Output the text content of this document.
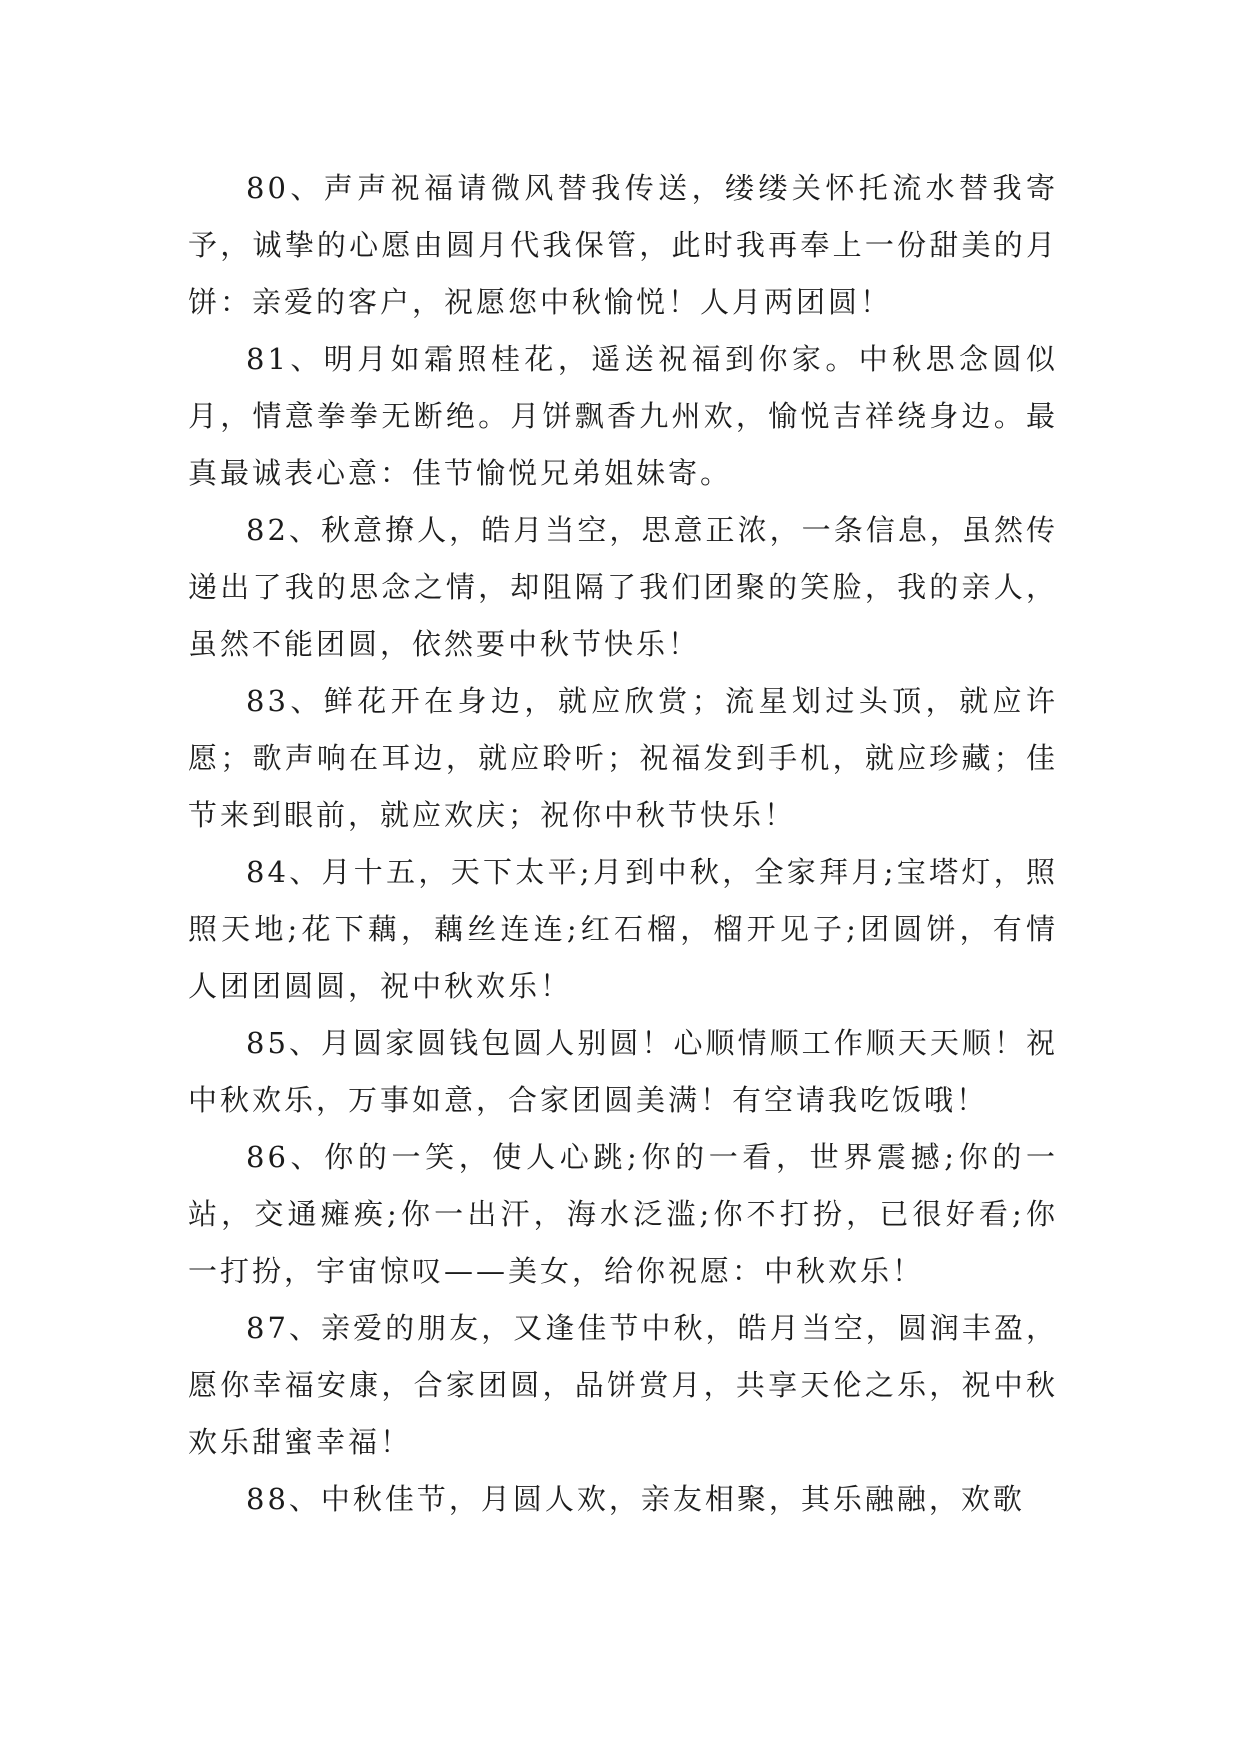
80、声声祝福请微风替我传送，缕缕关怀托流水替我寄予，诚挚的心愿由圆月代我保管，此时我再奉上一份甜美的月饼：亲爱的客户，祝愿您中秋愉悦！人月两团圆！

81、明月如霜照桂花，遥送祝福到你家。中秋思念圆似月，情意拳拳无断绝。月饼飘香九州欢，愉悦吉祥绕身边。最真最诚表心意：佳节愉悦兄弟姐妹寄。

82、秋意撩人，皓月当空，思意正浓，一条信息，虽然传递出了我的思念之情，却阻隔了我们团聚的笑脸，我的亲人，虽然不能团圆，依然要中秋节快乐！

83、鲜花开在身边，就应欣赏；流星划过头顶，就应许愿；歌声响在耳边，就应聆听；祝福发到手机，就应珍藏；佳节来到眼前，就应欢庆；祝你中秋节快乐！

84、月十五，天下太平;月到中秋，全家拜月;宝塔灯，照照天地;花下藕，藕丝连连;红石榴，榴开见子;团圆饼，有情人团团圆圆，祝中秋欢乐！

85、月圆家圆钱包圆人别圆！心顺情顺工作顺天天顺！祝中秋欢乐，万事如意，合家团圆美满！有空请我吃饭哦！

86、你的一笑，使人心跳;你的一看，世界震撼;你的一站，交通瘫痪;你一出汗，海水泛滥;你不打扮，已很好看;你一打扮，宇宙惊叹——美女，给你祝愿：中秋欢乐！

87、亲爱的朋友，又逢佳节中秋，皓月当空，圆润丰盈，愿你幸福安康，合家团圆，品饼赏月，共享天伦之乐，祝中秋欢乐甜蜜幸福！

88、中秋佳节，月圆人欢，亲友相聚，其乐融融，欢歌
